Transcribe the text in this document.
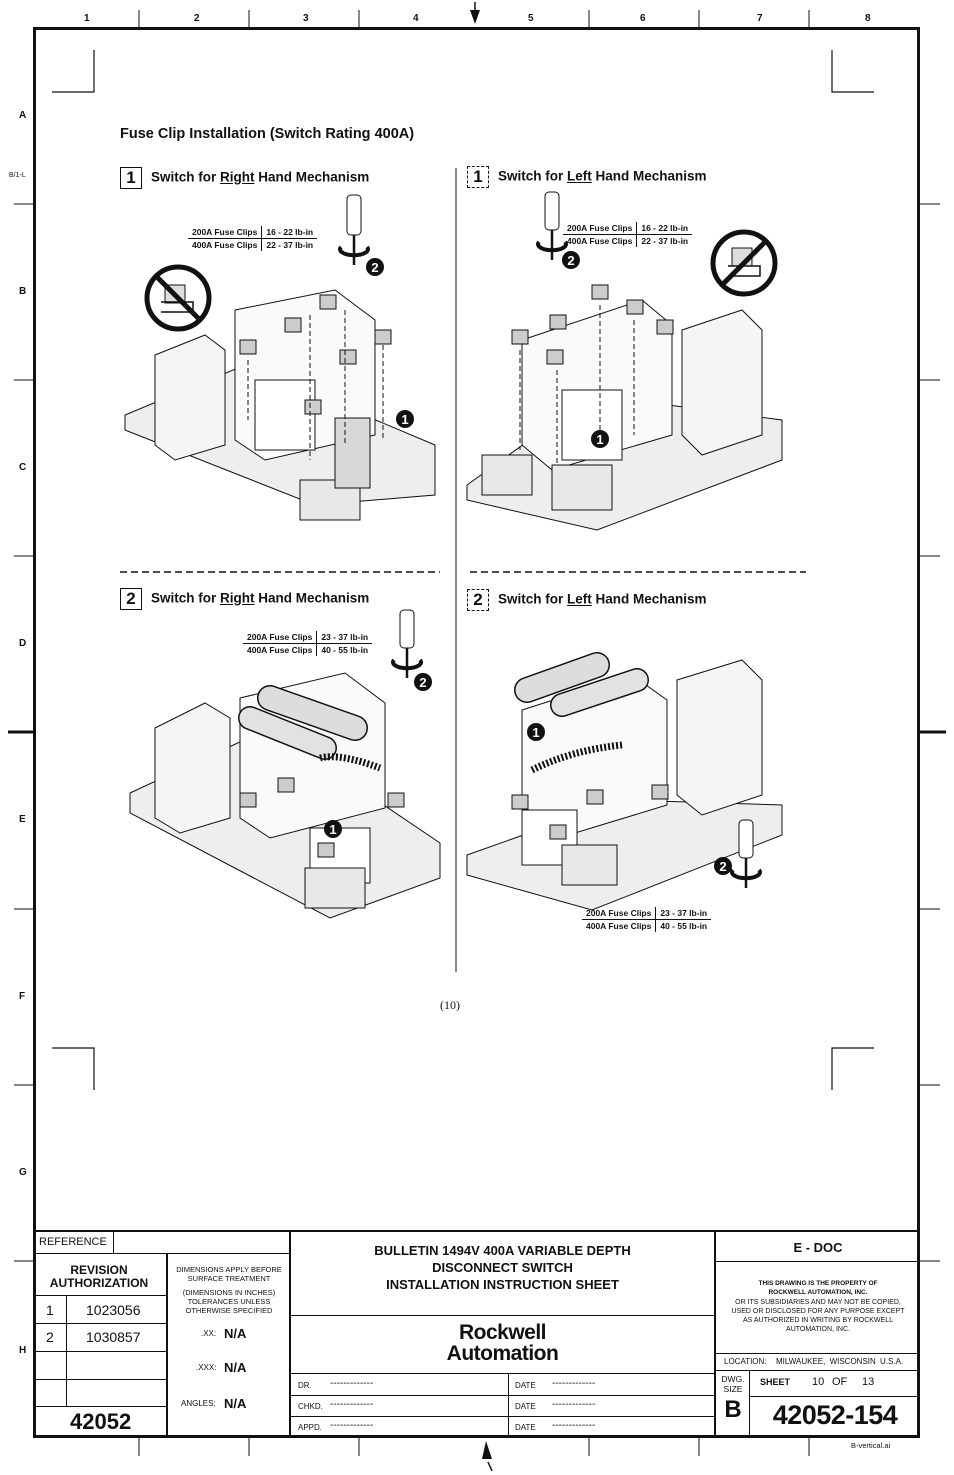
1	2	3	4	5	6	7	8
A
B
C
D
E
F
G
H
B/1-L
Fuse Clip Installation (Switch Rating 400A)
1 Switch for Right Hand Mechanism	1 Switch for Left Hand Mechanism
2 Switch for Right Hand Mechanism	2 Switch for Left Hand Mechanism
200A Fuse Clips	16 - 22 lb-in
400A Fuse Clips	22 - 37 lb-in
200A Fuse Clips	16 - 22 lb-in
400A Fuse Clips	22 - 37 lb-in
200A Fuse Clips	23 - 37 lb-in
400A Fuse Clips	40 - 55 lb-in
200A Fuse Clips	23 - 37 lb-in
400A Fuse Clips	40 - 55 lb-in
2
1
2
1
2
1
2
1
(10)
REFERENCE
REVISION AUTHORIZATION
1 1023056
2 1030857
42052
DIMENSIONS APPLY BEFORE SURFACE TREATMENT
(DIMENSIONS IN INCHES) TOLERANCES UNLESS OTHERWISE SPECIFIED
.XX: N/A
.XXX: N/A
ANGLES: N/A
BULLETIN 1494V 400A VARIABLE DEPTH
DISCONNECT SWITCH
INSTALLATION INSTRUCTION SHEET
Rockwell
Automation
DR. -------------	DATE -------------
CHKD. -------------	DATE -------------
APPD. -------------	DATE -------------
E - DOC
THIS DRAWING IS THE PROPERTY OF ROCKWELL AUTOMATION, INC.
OR ITS SUBSIDIARIES AND MAY NOT BE COPIED, USED OR DISCLOSED FOR ANY PURPOSE EXCEPT AS AUTHORIZED IN WRITING BY ROCKWELL AUTOMATION, INC.
LOCATION: MILWAUKEE, WISCONSIN U.S.A.
DWG. SIZE
B
SHEET 10 OF 13
42052-154
B-vertical.ai
